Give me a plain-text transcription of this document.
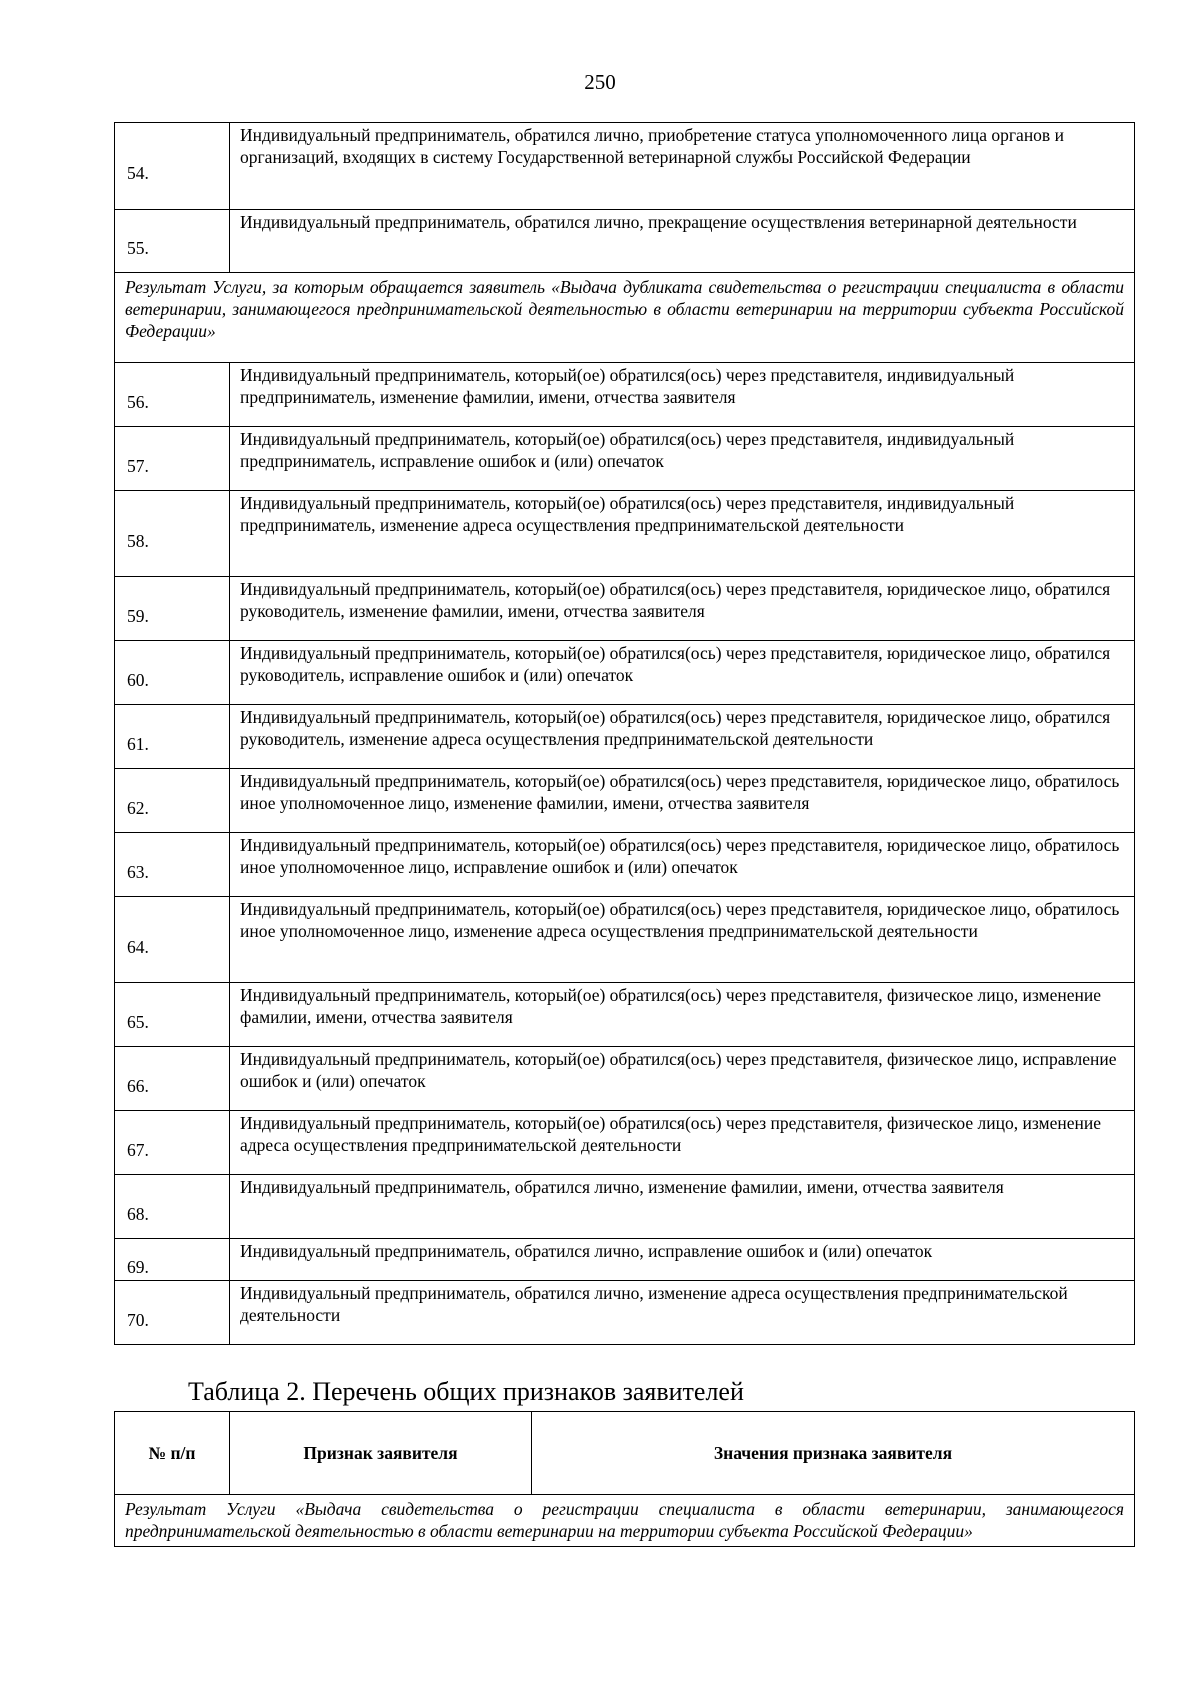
250
54.	Индивидуальный предприниматель, обратился лично, приобретение статуса уполномоченного лица органов и организаций, входящих в систему Государственной ветеринарной службы Российской Федерации
55.	Индивидуальный предприниматель, обратился лично, прекращение осуществления ветеринарной деятельности
Результат Услуги, за которым обращается заявитель «Выдача дубликата свидетельства о регистрации специалиста в области ветеринарии, занимающегося предпринимательской деятельностью в области ветеринарии на территории субъекта Российской Федерации»	
56.	Индивидуальный предприниматель, который(ое) обратился(ось) через представителя, индивидуальный предприниматель, изменение фамилии, имени, отчества заявителя
57.	Индивидуальный предприниматель, который(ое) обратился(ось) через представителя, индивидуальный предприниматель, исправление ошибок и (или) опечаток
58.	Индивидуальный предприниматель, который(ое) обратился(ось) через представителя, индивидуальный предприниматель, изменение адреса осуществления предпринимательской деятельности
59.	Индивидуальный предприниматель, который(ое) обратился(ось) через представителя, юридическое лицо, обратился руководитель, изменение фамилии, имени, отчества заявителя
60.	Индивидуальный предприниматель, который(ое) обратился(ось) через представителя, юридическое лицо, обратился руководитель, исправление ошибок и (или) опечаток
61.	Индивидуальный предприниматель, который(ое) обратился(ось) через представителя, юридическое лицо, обратился руководитель, изменение адреса осуществления предпринимательской деятельности
62.	Индивидуальный предприниматель, который(ое) обратился(ось) через представителя, юридическое лицо, обратилось иное уполномоченное лицо, изменение фамилии, имени, отчества заявителя
63.	Индивидуальный предприниматель, который(ое) обратился(ось) через представителя, юридическое лицо, обратилось иное уполномоченное лицо, исправление ошибок и (или) опечаток
64.	Индивидуальный предприниматель, который(ое) обратился(ось) через представителя, юридическое лицо, обратилось иное уполномоченное лицо, изменение адреса осуществления предпринимательской деятельности
65.	Индивидуальный предприниматель, который(ое) обратился(ось) через представителя, физическое лицо, изменение фамилии, имени, отчества заявителя
66.	Индивидуальный предприниматель, который(ое) обратился(ось) через представителя, физическое лицо, исправление ошибок и (или) опечаток
67.	Индивидуальный предприниматель, который(ое) обратился(ось) через представителя, физическое лицо, изменение адреса осуществления предпринимательской деятельности
68.	Индивидуальный предприниматель, обратился лично, изменение фамилии, имени, отчества заявителя
69.	Индивидуальный предприниматель, обратился лично, исправление ошибок и (или) опечаток
70.	Индивидуальный предприниматель, обратился лично, изменение адреса осуществления предпринимательской деятельности
Таблица 2. Перечень общих признаков заявителей
№ п/п	Признак заявителя	Значения признака заявителя
Результат Услуги «Выдача свидетельства о регистрации специалиста в области ветеринарии, занимающегося предпринимательской деятельностью в области ветеринарии на территории субъекта Российской Федерации»
